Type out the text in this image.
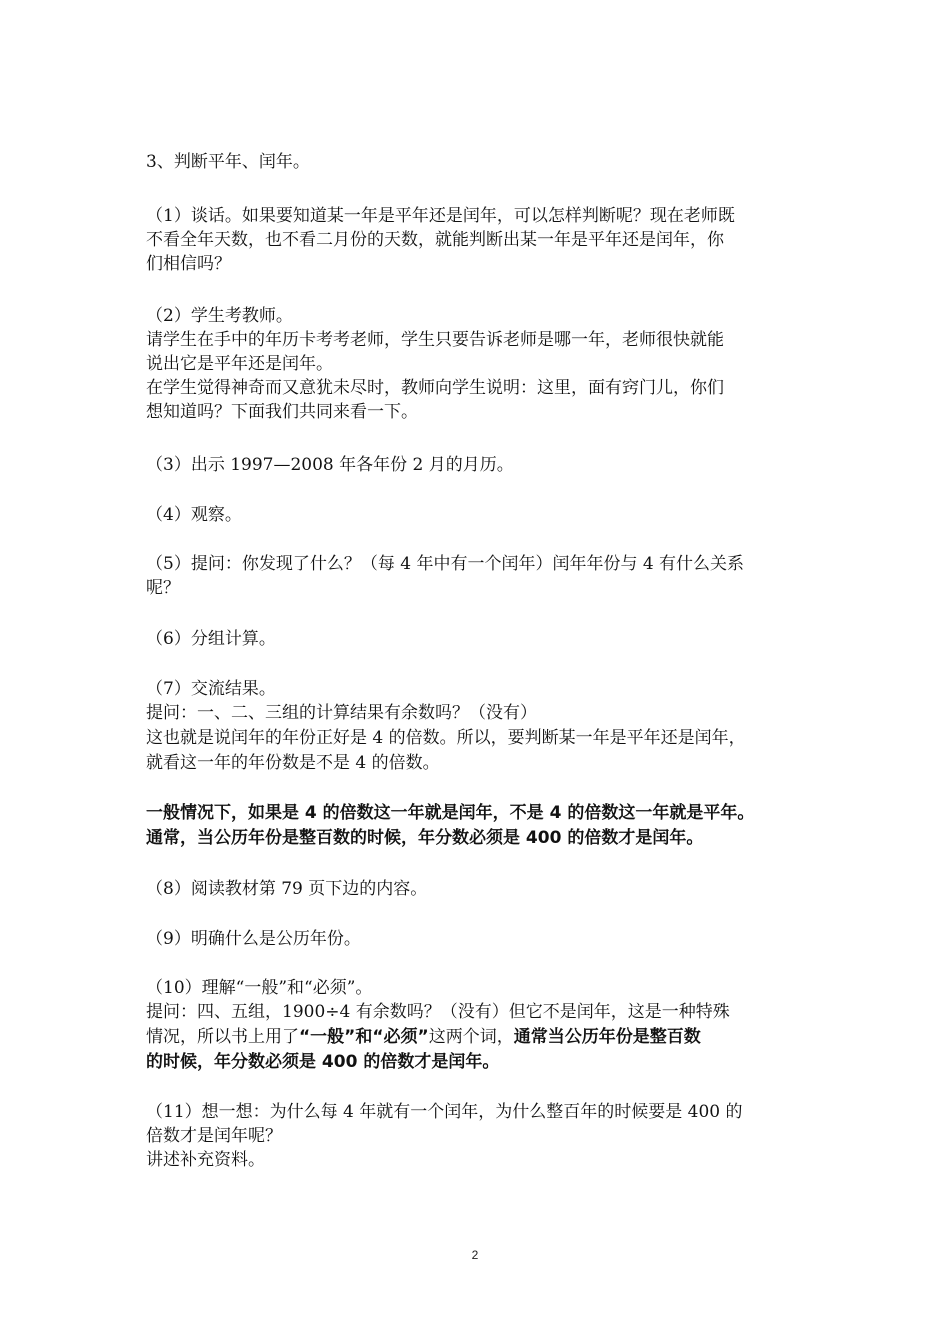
3、判断平年、闰年。
（1）谈话。如果要知道某一年是平年还是闰年，可以怎样判断呢？现在老师既
不看全年天数，也不看二月份的天数，就能判断出某一年是平年还是闰年，你
们相信吗？
（2）学生考教师。
请学生在手中的年历卡考考老师，学生只要告诉老师是哪一年，老师很快就能
说出它是平年还是闰年。
在学生觉得神奇而又意犹未尽时，教师向学生说明：这里，面有窍门儿，你们
想知道吗？下面我们共同来看一下。
（3）出示 1997—2008 年各年份 2 月的月历。
（4）观察。
（5）提问：你发现了什么？（每 4 年中有一个闰年）闰年年份与 4 有什么关系
呢？
（6）分组计算。
（7）交流结果。
提问：一、二、三组的计算结果有余数吗？（没有）
这也就是说闰年的年份正好是 4 的倍数。所以，要判断某一年是平年还是闰年，
就看这一年的年份数是不是 4 的倍数。
一般情况下，如果是 4 的倍数这一年就是闰年，不是 4 的倍数这一年就是平年。
通常，当公历年份是整百数的时候，年分数必须是 400 的倍数才是闰年。
（8）阅读教材第 79 页下边的内容。
（9）明确什么是公历年份。
（10）理解“一般”和“必须”。
提问：四、五组，1900÷4 有余数吗？（没有）但它不是闰年，这是一种特殊
情况，所以书上用了“一般”和“必须”这两个词，通常当公历年份是整百数
的时候，年分数必须是 400 的倍数才是闰年。
（11）想一想：为什么每 4 年就有一个闰年，为什么整百年的时候要是 400 的
倍数才是闰年呢？
讲述补充资料。
2
